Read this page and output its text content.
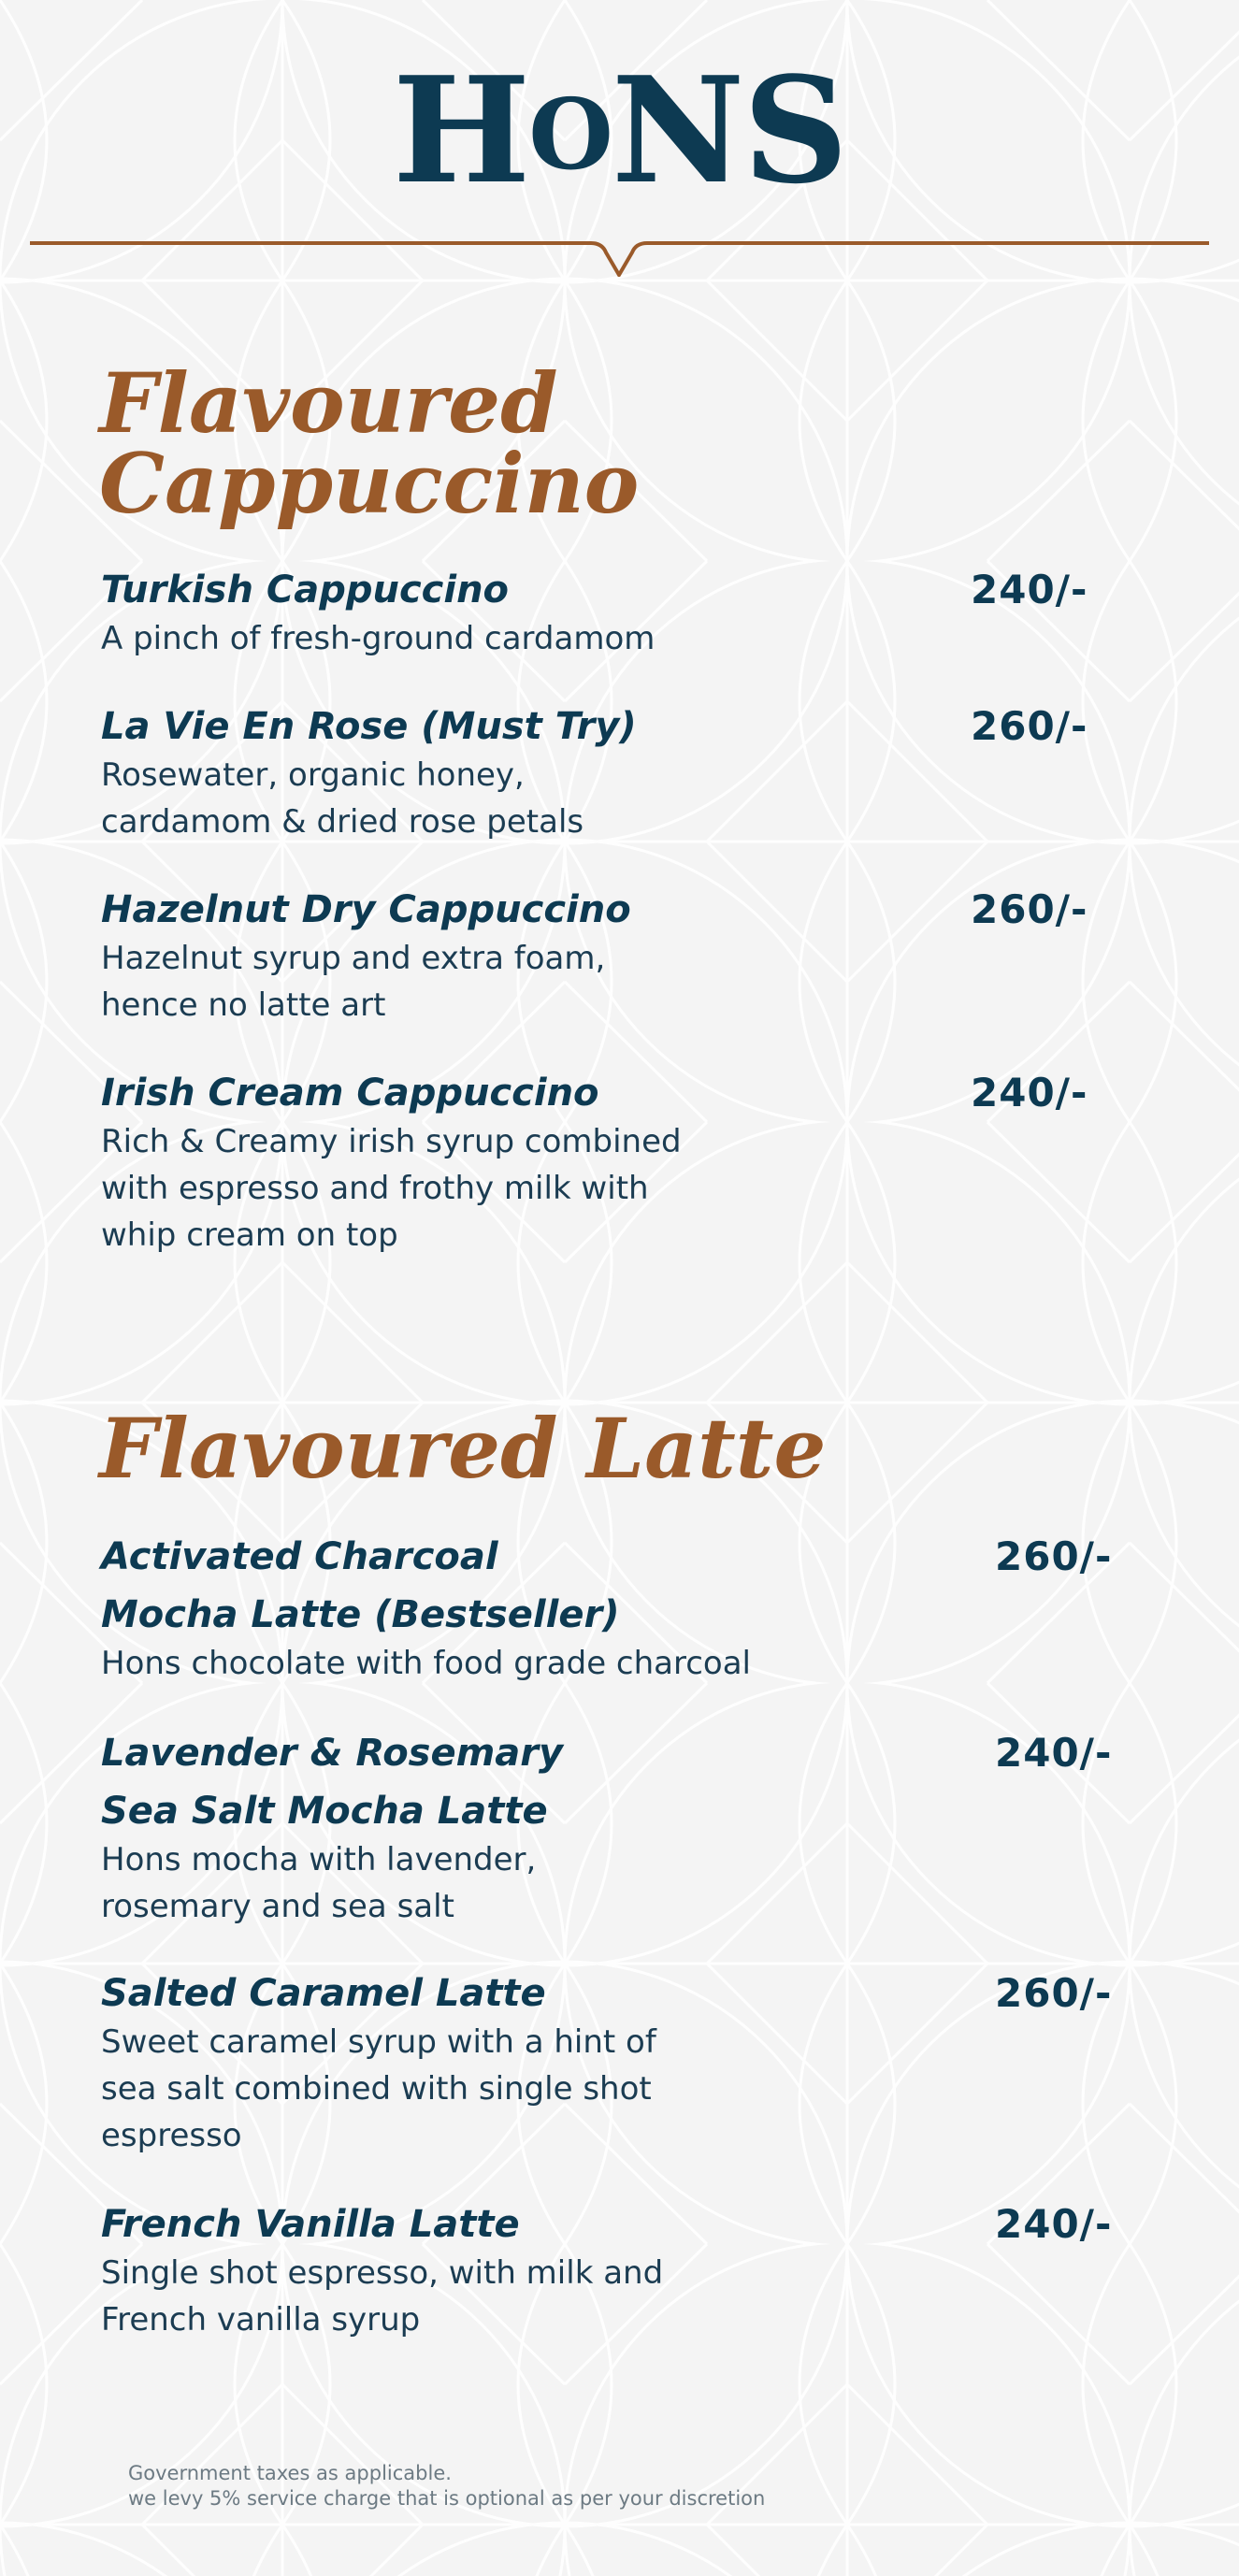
HONS
Flavoured Cappuccino
Turkish Cappuccino
A pinch of fresh-ground cardamom
240/-
La Vie En Rose (Must Try)
Rosewater, organic honey, cardamom & dried rose petals
260/-
Hazelnut Dry Cappuccino
Hazelnut syrup and extra foam, hence no latte art
260/-
Irish Cream Cappuccino
Rich & Creamy irish syrup combined with espresso and frothy milk with whip cream on top
240/-
Flavoured Latte
Activated Charcoal Mocha Latte (Bestseller)
Hons chocolate with food grade charcoal
260/-
Lavender & Rosemary Sea Salt Mocha Latte
Hons mocha with lavender, rosemary and sea salt
240/-
Salted Caramel Latte
Sweet caramel syrup with a hint of sea salt combined with single shot espresso
260/-
French Vanilla Latte
Single shot espresso, with milk and French vanilla syrup
240/-
Government taxes as applicable.
we levy 5% service charge that is optional as per your discretion
